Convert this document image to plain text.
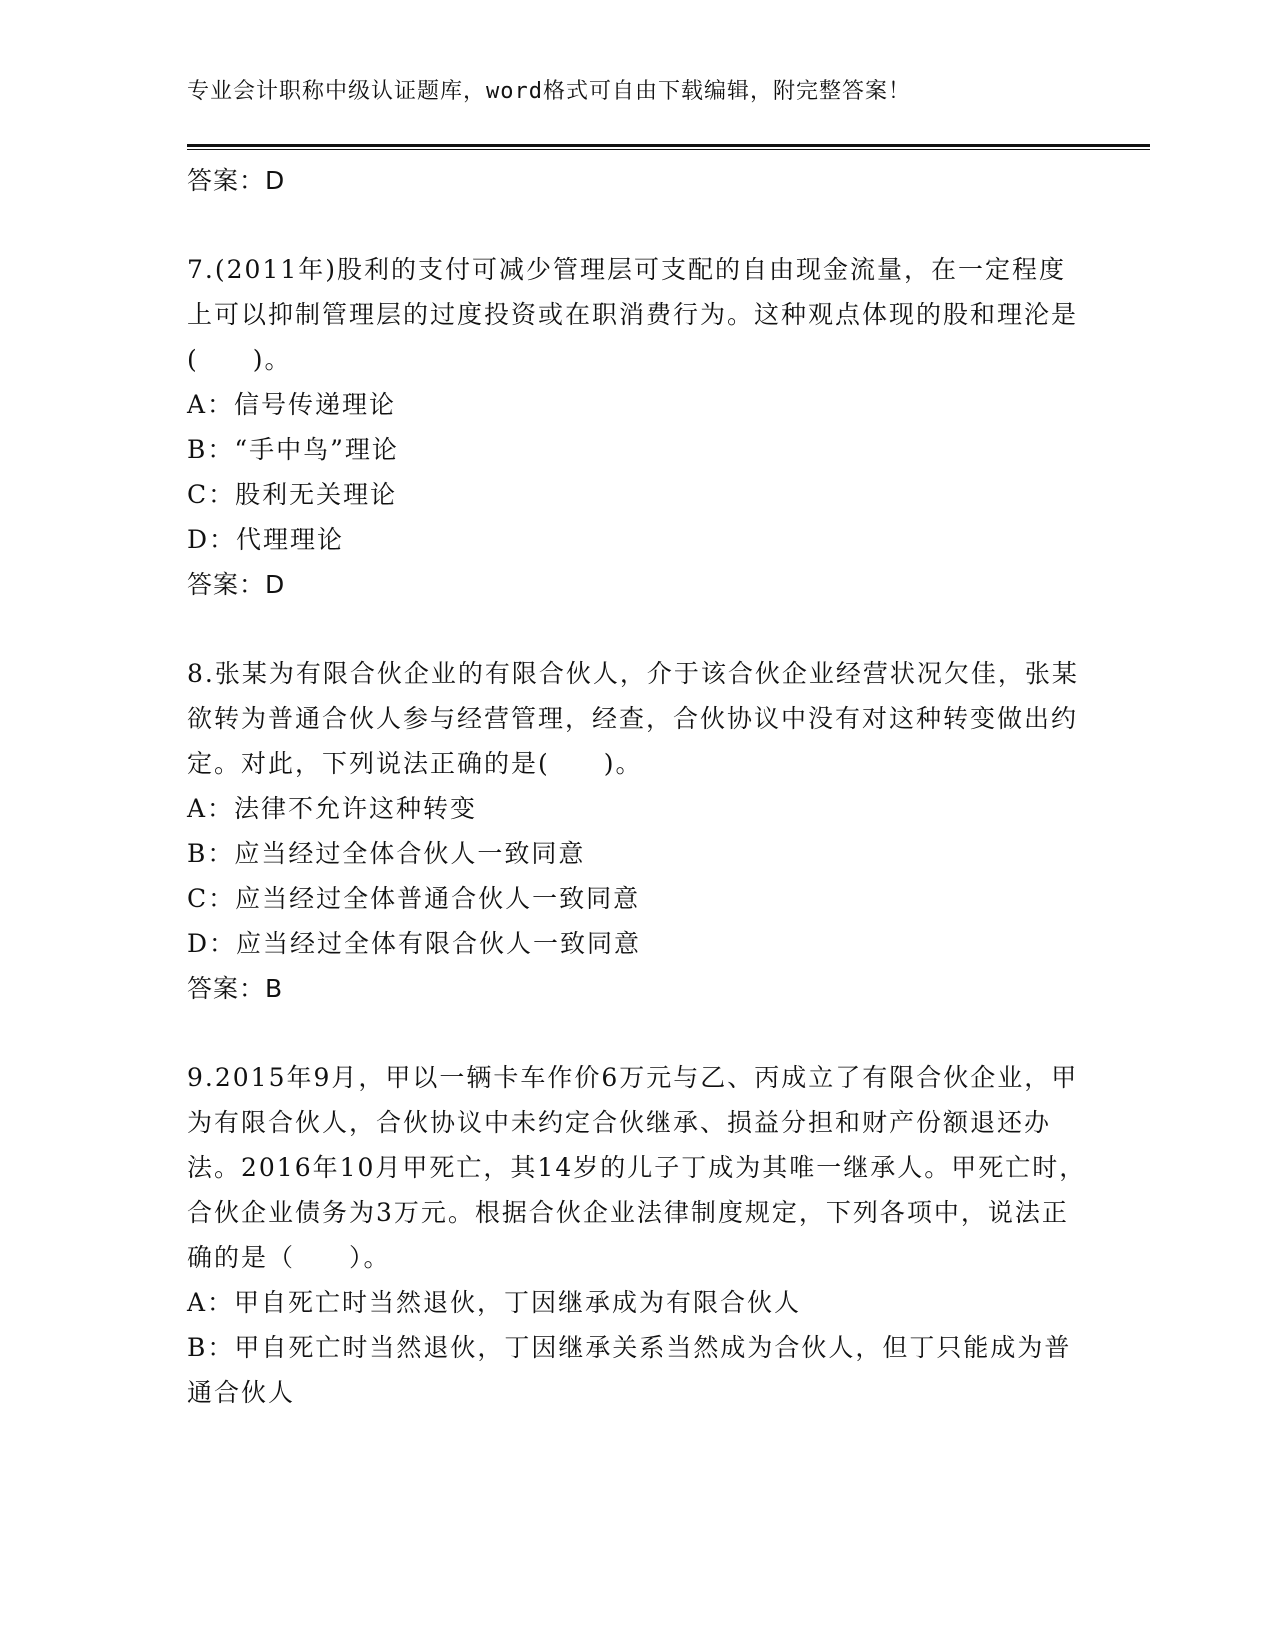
专业会计职称中级认证题库，word格式可自由下载编辑，附完整答案！
答案：D
7.(2011年)股利的支付可减少管理层可支配的自由现金流量，在一定程度上可以抑制管理层的过度投资或在职消费行为。这种观点体现的股和理沦是(　　)。
A：信号传递理论
B：“手中鸟”理论
C：股利无关理论
D：代理理论
答案：D
8.张某为有限合伙企业的有限合伙人，介于该合伙企业经营状况欠佳，张某欲转为普通合伙人参与经营管理，经查，合伙协议中没有对这种转变做出约定。对此，下列说法正确的是(　　)。
A：法律不允许这种转变
B：应当经过全体合伙人一致同意
C：应当经过全体普通合伙人一致同意
D：应当经过全体有限合伙人一致同意
答案：B
9.2015年9月，甲以一辆卡车作价6万元与乙、丙成立了有限合伙企业，甲为有限合伙人，合伙协议中未约定合伙继承、损益分担和财产份额退还办法。2016年10月甲死亡，其14岁的儿子丁成为其唯一继承人。甲死亡时，合伙企业债务为3万元。根据合伙企业法律制度规定，下列各项中，说法正确的是（　　）。
A：甲自死亡时当然退伙，丁因继承成为有限合伙人
B：甲自死亡时当然退伙，丁因继承关系当然成为合伙人，但丁只能成为普通合伙人
